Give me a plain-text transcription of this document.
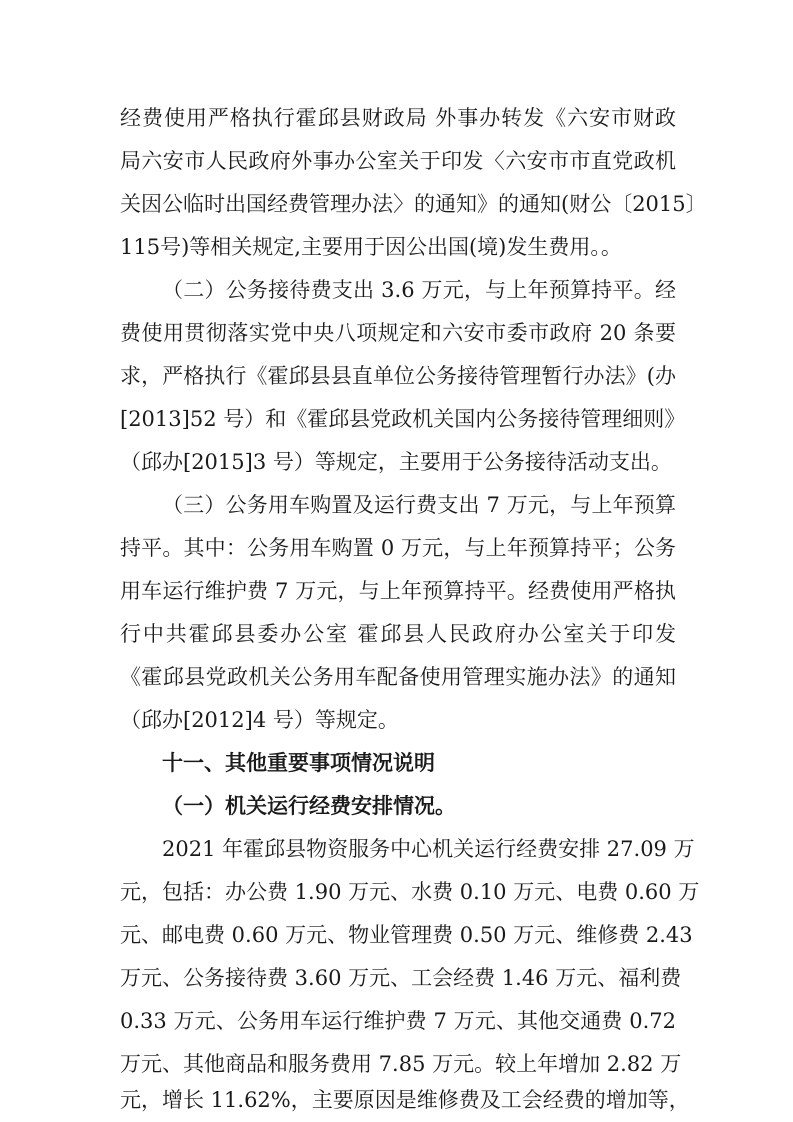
经费使用严格执行霍邱县财政局 外事办转发《六安市财政
局六安市人民政府外事办公室关于印发〈六安市市直党政机
关因公临时出国经费管理办法〉的通知》的通知(财公〔2015〕
115号)等相关规定,主要用于因公出国(境)发生费用。。
（二）公务接待费支出 3.6 万元，与上年预算持平。经
费使用贯彻落实党中央八项规定和六安市委市政府 20 条要
求，严格执行《霍邱县县直单位公务接待管理暂行办法》(办
[2013]52 号）和《霍邱县党政机关国内公务接待管理细则》
（邱办[2015]3 号）等规定，主要用于公务接待活动支出。
（三）公务用车购置及运行费支出 7 万元，与上年预算
持平。其中：公务用车购置 0 万元，与上年预算持平；公务
用车运行维护费 7 万元，与上年预算持平。经费使用严格执
行中共霍邱县委办公室 霍邱县人民政府办公室关于印发
《霍邱县党政机关公务用车配备使用管理实施办法》的通知
（邱办[2012]4 号）等规定。
十一、其他重要事项情况说明
（一）机关运行经费安排情况。
2021 年霍邱县物资服务中心机关运行经费安排 27.09 万
元，包括：办公费 1.90 万元、水费 0.10 万元、电费 0.60 万
元、邮电费 0.60 万元、物业管理费 0.50 万元、维修费 2.43
万元、公务接待费 3.60 万元、工会经费 1.46 万元、福利费
0.33 万元、公务用车运行维护费 7 万元、其他交通费 0.72
万元、其他商品和服务费用 7.85 万元。较上年增加 2.82 万
元，增长 11.62%，主要原因是维修费及工会经费的增加等，
